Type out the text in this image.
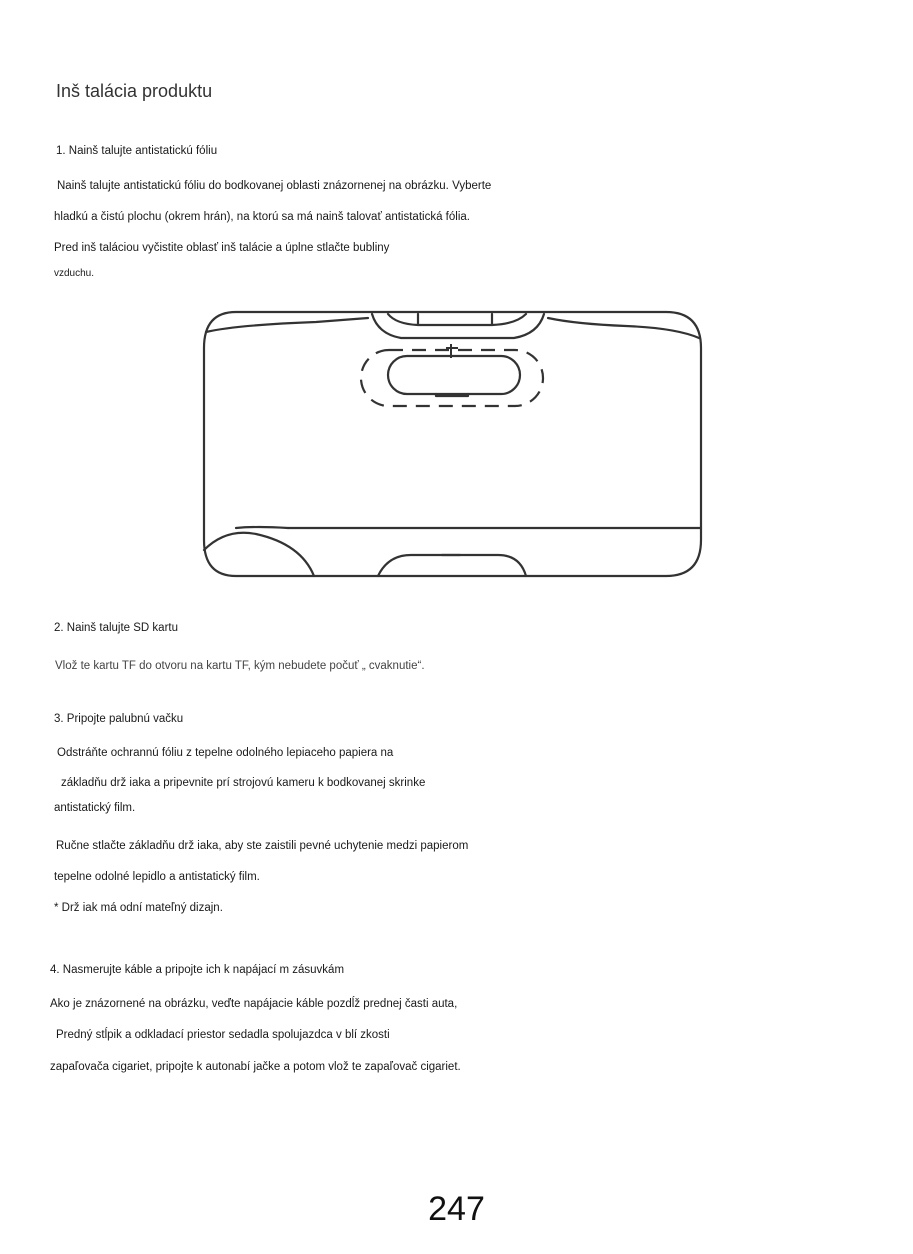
Inš talácia produktu
1. Nainš talujte antistatickú fóliu
Nainš talujte antistatickú fóliu do bodkovanej oblasti znázornenej na obrázku. Vyberte
hladkú a čistú plochu (okrem hrán), na ktorú sa má nainš talovať antistatická fólia.
Pred inš taláciou vyčistite oblasť inš talácie a úplne stlačte bubliny
vzduchu.
2. Nainš talujte SD kartu
Vlož te kartu TF do otvoru na kartu TF, kým nebudete počuť „ cvaknutie“.
3. Pripojte palubnú vačku
Odstráňte ochrannú fóliu z tepelne odolného lepiaceho papiera na
základňu drž iaka a pripevnite prí strojovú kameru k bodkovanej skrinke
antistatický film.
Ručne stlačte základňu drž iaka, aby ste zaistili pevné uchytenie medzi papierom
tepelne odolné lepidlo a antistatický film.
* Drž iak má odní mateľný dizajn.
4. Nasmerujte káble a pripojte ich k napájací m zásuvkám
Ako je znázornené na obrázku, veďte napájacie káble pozdĺž prednej časti auta,
Predný stĺpik a odkladací priestor sedadla spolujazdca v blí zkosti
zapaľovača cigariet, pripojte k autonabí jačke a potom vlož te zapaľovač cigariet.
247
